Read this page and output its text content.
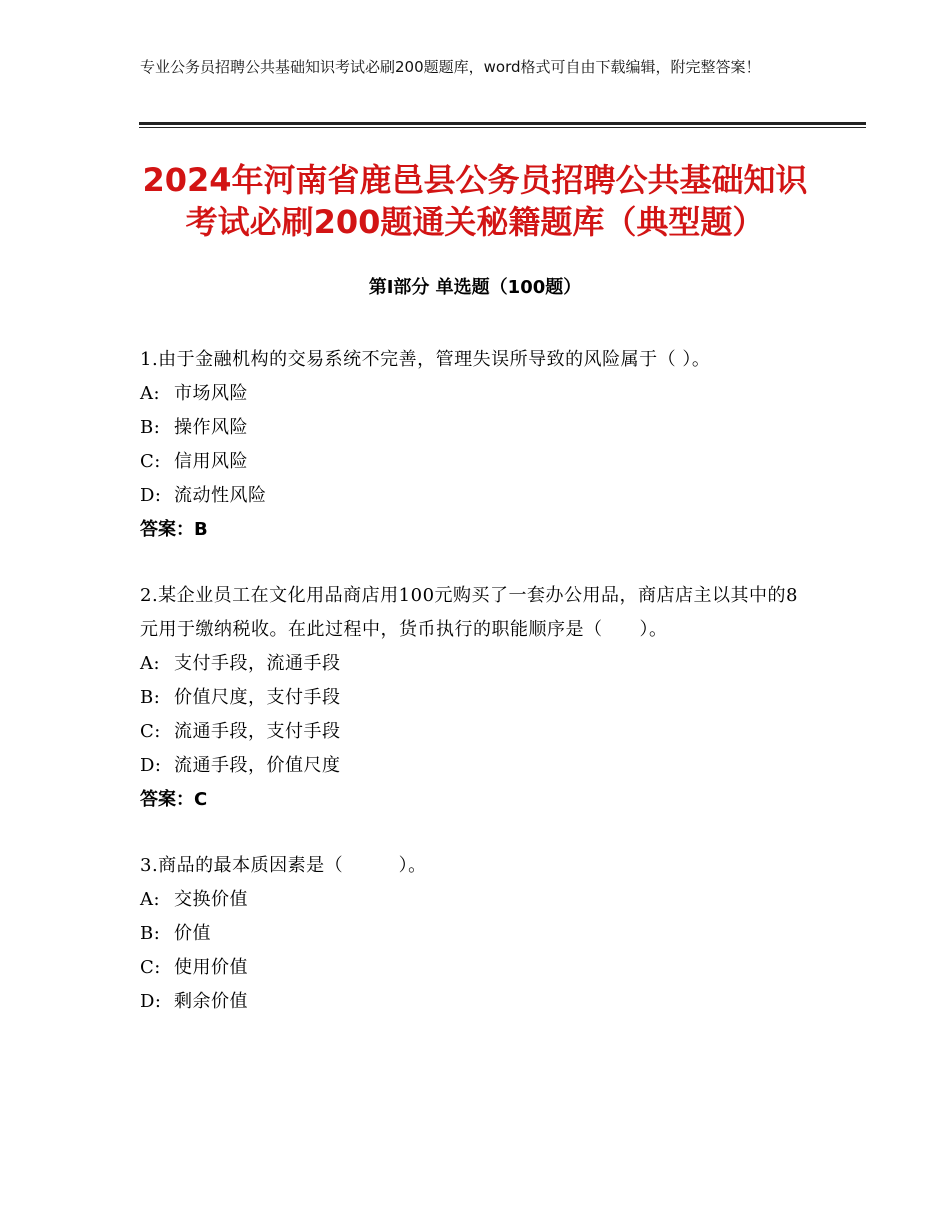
专业公务员招聘公共基础知识考试必刷200题题库，word格式可自由下载编辑，附完整答案！
2024年河南省鹿邑县公务员招聘公共基础知识考试必刷200题通关秘籍题库（典型题）
第Ⅰ部分 单选题（100题）
1.由于金融机构的交易系统不完善，管理失误所导致的风险属于（ ）。
A: 市场风险
B: 操作风险
C: 信用风险
D: 流动性风险
答案：B
2.某企业员工在文化用品商店用100元购买了一套办公用品，商店店主以其中的8元用于缴纳税收。在此过程中，货币执行的职能顺序是（　　）。
A: 支付手段，流通手段
B: 价值尺度，支付手段
C: 流通手段，支付手段
D: 流通手段，价值尺度
答案：C
3.商品的最本质因素是（　　　）。
A: 交换价值
B: 价值
C: 使用价值
D: 剩余价值
